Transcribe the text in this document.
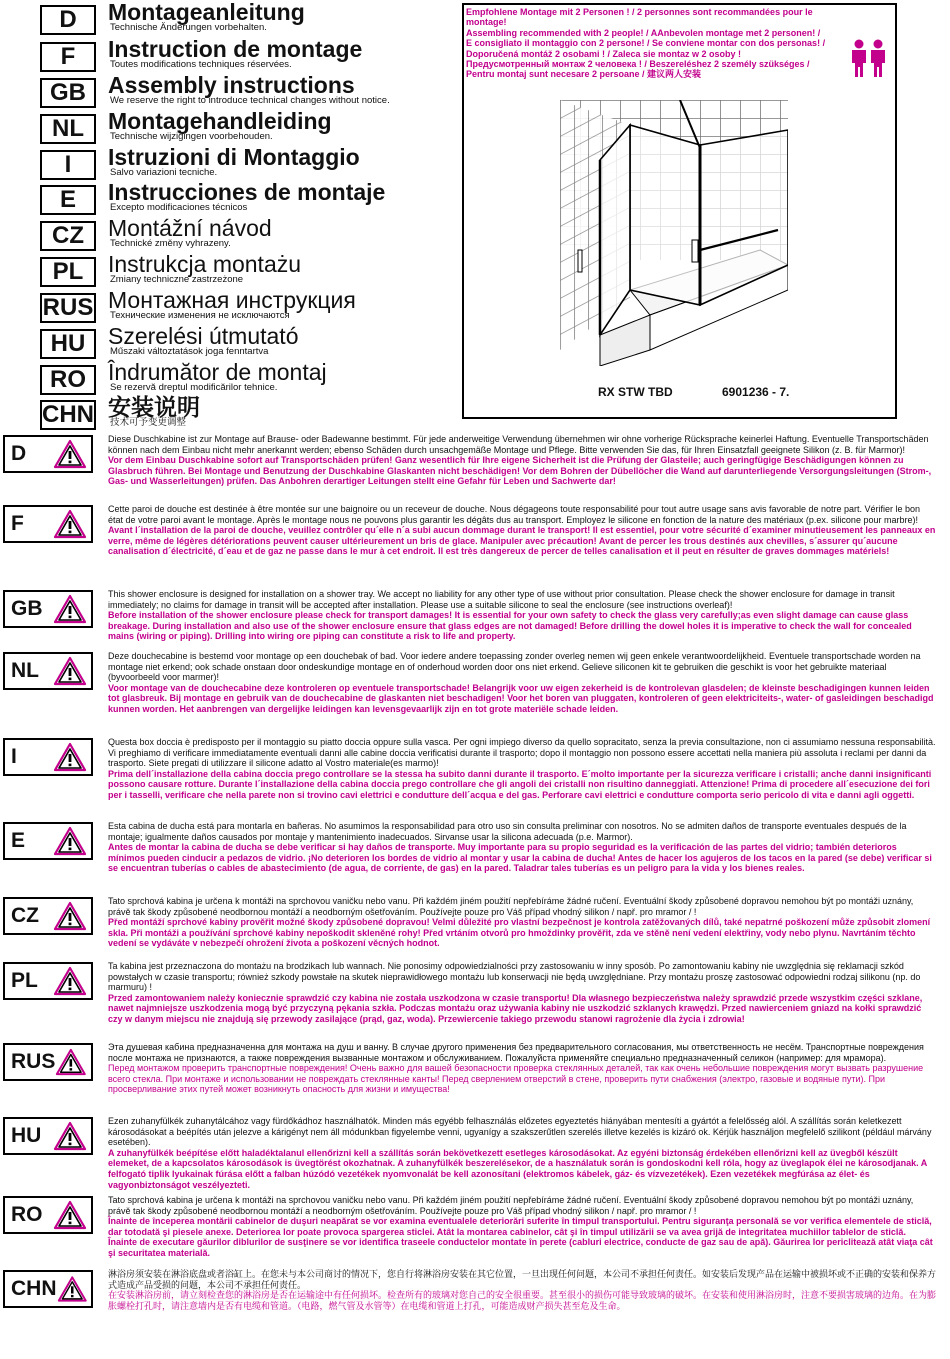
D	Montageanleitung
Technische Änderungen vorbehalten.
F	Instruction de montage
Toutes modifications techniques réservées.
GB Assembly instructions
We reserve the right to introduce technical changes without notice.
NL	Montagehandleiding
Technische wijzigingen voorbehouden.
I	Istruzioni di Montaggio
Salvo variazioni tecniche.
E	Instrucciones de montaje
Excepto modificaciones técnicos
CZ	Montážní návod
Technické změny vyhrazeny.
PL	Instrukcja montażu
Zmiany techniczne zastrzeżone
RUS Монтажная инструкция
Технические изменения не исключаются
HU Szerelési útmutató
Műszaki változtatások joga fenntartva
RO Îndrumător de montaj
Se rezervă dreptul modificărilor tehnice.
CHN 安装说明
技术可予变更调整

Empfohlene Montage mit 2 Personen ! / 2 personnes sont recommandées pour le montage!

Assembling recommended with 2 people! / AAnbevolen montage met 2 personen! /

E consigliato il montaggio con 2 persone! / Se conviene montar con dos personas! /

Doporučená montáž 2 osobami ! / Zaleca sie montaz w 2 osoby !

Предусмотренный монтаж 2 человека ! / Beszereléshez 2 személy szükséges /

Pentru montaj sunt necesare 2 persoane / 建议两人安装

RX STW TBD	6901236 - 7.
D

Diese Duschkabine ist zur Montage auf Brause- oder Badewanne bestimmt. Für jede anderweitige Verwendung übernehmen wir ohne vorherige Rücksprache keinerlei Haftung. Eventuelle Transportschäden können nach dem Einbau nicht mehr anerkannt werden; ebenso Schäden durch unsachgemäße Montage und Pflege. Bitte verwenden Sie das, für Ihren Einsatzfall geeignete Silikon (z. B. für Marmor)!

Vor dem Einbau Duschkabine sofort auf Transportschäden prüfen! Ganz wesentlich für Ihre eigene Sicherheit ist die Prüfung der Glasteile; auch geringfügige Beschädigungen können zu Glasbruch führen. Bei Montage und Benutzung der Duschkabine Glaskanten nicht beschädigen! Vor dem Bohren der Dübellöcher die Wand auf darunterliegende Versorgungsleitungen (Strom-, Gas- und Wasserleitungen) prüfen. Das Anbohren derartiger Leitungen stellt eine Gefahr für Leben und Sachwerte dar!

F

Cette paroi de douche est destinée à être montée sur une baignoire ou un receveur de douche. Nous dégageons toute responsabilité pour tout autre usage sans avis favorable de notre part. Vérifier le bon état de votre paroi avant le montage. Après le montage nous ne pouvons plus garantir les dégâts dus au transport. Employez le silicone en fonction de la nature des matériaux (p.ex. silicone pour marbre)!

Avant l´installation de la paroi de douche, veuillez contrôler qu´elle n´a subi aucun dommage durant le transport! Il est essentiel, pour votre sécurité d´examiner minutieusement les panneaux en verre, même de légères détériorations peuvent causer ultérieurement un bris de glace. Manipuler avec précaution! Avant de percer les trous destinés aux chevilles, s´assurer qu´aucune canalisation d´électricité, d´eau et de gaz ne passe dans le mur à cet endroit. Il est très dangereux de percer de telles canalisation et il peut en résulter de graves dommages matériels!

GB

This shower enclosure is designed for installation on a shower tray. We accept no liability for any other type of use without prior consultation. Please check the shower enclosure for damage in transit immediately; no claims for damage in transit will be accepted after installation. Please use a suitable silicone to seal the enclosure (see instructions overleaf)!

Before installation of the shower enclosure please check for transport damages! It is essential for your own safety to check the glass very carefully;as even slight damage can cause glass breakage. During installation and also use of the shower enclosure ensure that glass edges are not damaged! Before drilling the dowel holes it is imperative to check the wall for concealed mains (wiring or piping). Drilling into wiring ore piping can constitute a risk to life and property.

NL

Deze douchecabine is bestemd voor montage op een douchebak of bad. Voor iedere andere toepassing zonder overleg nemen wij geen enkele verantwoordelijkheid. Eventuele transportschade worden na montage niet erkend; ook schade onstaan door ondeskundige montage en of onderhoud worden door ons niet erkend. Gelieve siliconen kit te gebruiken die geschikt is voor het gebruikte materiaal (byvoorbeeld voor marmer)!

Voor montage van de douchecabine deze kontroleren op eventuele transportschade! Belangrijk voor uw eigen zekerheid is de kontrolevan glasdelen; de kleinste beschadigingen kunnen leiden tot glasbreuk. Bij montage en gebruik van de douchecabine de glaskanten niet beschadigen! Voor het boren van pluggaten, kontroleren of geen elektriciteits-, water- of gasleidingen beschadigd kunnen worden. Het aanbrengen van dergelijke leidingen kan levensgevaarlijk zijn en tot grote materiële schade leiden.

I

Questa box doccia è predisposto per il montaggio su piatto doccia oppure sulla vasca. Per ogni impiego diverso da quello sopracitato, senza la previa consultazione, non ci assumiamo nessuna responsabilità. Vi preghiamo di verificare immediatamente eventuali danni alle cabine doccia verificatisi durante il trasporto; dopo il montaggio non possono essere accettati nella maniera più assoluta i reclami per danni da trasporto. Siete pregati di utilizzare il silicone adatto al Vostro materiale(es marmo)!

Prima dell´installazione della cabina doccia prego controllare se la stessa ha subito danni durante il trasporto. E´molto importante per la sicurezza verificare i cristalli; anche danni insignificanti possono causare rotture. Durante l´installazione della cabina doccia prego controllare che gli angoli dei cristalli non risultino danneggiati. Attenzione! Prima di procedere all´esecuzione dei fori per i tasselli, verificare che nella parete non si trovino cavi elettrici e condutture dell´acqua e del gas. Perforare cavi elettrici e condutture comporta serio pericolo di vita e danni agli oggetti.

E

Esta cabina de ducha está para montarla en bañeras. No asumimos la responsabilidad para otro uso sin consulta preliminar con nosotros. No se admiten daños de transporte eventuales después de la montaje; igualmente daños causados por montaje y mantenimiento inadecuados. Sirvanse usar la silicona adecuada (p.e. Marmor).

Antes de montar la cabina de ducha se debe verificar si hay daños de transporte. Muy importante para su propio seguridad es la verificación de las partes del vidrio; también deterioros mínimos pueden cinducir a pedazos de vidrio. ¡No deterioren los bordes de vidrio al montar y usar la cabina de ducha! Antes de hacer los agujeros de los tacos en la pared (se debe) verificar si se encuentran tuberías o cables de abastecimiento (de agua, de corriente, de gas) en la pared. Taladrar tales tuberías es un peligro para la vida y los bienes reales.

CZ

Tato sprchová kabina je určena k montáži na sprchovou vaničku nebo vanu. Při každém jiném použití nepřebíráme žádné ručení. Eventuální škody způsobené dopravou nemohou být po montáži uznány, právě tak škody způsobené neodbornou montáží a neodborným ošetřováním. Používejte pouze pro Váš případ vhodný silikon / např. pro mramor / !

Před montáží sprchové kabiny prověřit možné škody způsobené dopravou! Velmi důležité pro vlastní bezpečnost je kontrola zatěžovaných dílů, také nepatrné poškození může způsobit zlomení skla. Při montáži a používání sprchové kabiny nepoškodit skleněné rohy! Před vrtáním otvorů pro hmoždinky prověřit, zda ve stěně není vedení elektřiny, vody nebo plynu. Navrtáním těchto vedení se vydáváte v nebezpečí ohrožení života a poškození věcných hodnot.

PL

Ta kabina jest przeznaczona do montażu na brodzikach lub wannach. Nie ponosimy odpowiedzialności przy zastosowaniu w inny sposób. Po zamontowaniu kabiny nie uwzględnia się reklamacji szkód powstałych w czasie transportu; również szkody powstałe na skutek nieprawidłowego montażu lub konserwacji nie będą uwzględniane. Przy montażu proszę zastosować odpowiedni rodzaj silikonu (np. do marmuru) !

Przed zamontowaniem należy koniecznie sprawdzić czy kabina nie została uszkodzona w czasie transportu! Dla własnego bezpieczeństwa należy sprawdzić przede wszystkim części szklane, nawet najmniejsze uszkodzenia mogą być przyczyną pękania szkła. Podczas montażu oraz używania kabiny nie uszkodzić szklanych krawędzi. Przed nawierceniem gniazd na kołki sprawdzić czy w danym miejscu nie znajdują się przewody zasilające (prąd, gaz, woda). Przewiercenie takiego przewodu stanowi ragrożenie dla życia i zdrowia!

RUS

Эта душевая кабина предназначенна для монтажа на душ и ванну. В случае другого применения без предварительного согласования, мы ответственность не несём. Транспортные повреждения после монтажа не признаются, а также повреждения вызванные монтажом и обслуживанием. Пожалуйста применяйте специально предназначенный селикон (например: для мрамора).

Перед монтажом проверить транспортные повреждения! Очень важно для вашей безопасности проверка стеклянных деталей, так как очень небольшие повреждения могут вызвать разрушение всего стекла. При монтаже и использовании не повреждать стеклянные канты! Перед сверлением отверстий в стене, проверить пути снабжения (электро, газовые и водяные пути). При просверливание этих путей может возникнуть опасность для жизни и имущества!

HU

Ezen zuhanyfülkék zuhanytálcához vagy fürdőkádhoz használhatók. Minden más egyébb felhasználás előzetes egyeztetés hiányában mentesíti a gyártót a felelősség alól. A szállítás során keletkezett károsodásokat a beépítés után jelezve a kárigényt nem áll módunkban figyelembe venni, ugyanígy a szakszerűtlen szerelés illetve kezelés is kizáró ok. Kérjük használjon megfelelő szilikont (például márvány esetében).

A zuhanyfülkék beépítése előtt haladéktalanul ellenőrizni kell a szállítás során bekövetkezett esetleges károsodásokat. Az egyéni biztonság érdekében ellenőrizni kell az üvegből készült elemeket, de a kapcsolatos károsodások is üvegtörést okozhatnak. A zuhanyfülkék beszerelésekor, de a használatuk során is gondoskodni kell róla, hogy az üveglapok élei ne károsodjanak. A felfogató tiplik lyukainak fúrása előtt a falban húzódó vezetékek nyomvonalát be kell azonosítani (elektromos kábelek, gáz- és vízvezetékek). Ezen vezetékek megfúrása az élet- és vagyonbiztonságot veszélyezteti.

RO

Tato sprchová kabina je určena k montáži na sprchovou vaničku nebo vanu. Při každém jiném použití nepřebíráme žádné ručení. Eventuální škody způsobené dopravou nemohou být po montáži uznány, právě tak škody způsobené neodbornou montáží a neodborným ošetřováním. Používejte pouze pro Váš případ vhodný silikon / např. pro mramor / !

Înainte de începerea montării cabinelor de duşuri neapărat se vor examina eventualele deteriorări suferite în timpul transportului. Pentru siguranţa personală se vor verifica elementele de sticlă, dar totodată şi piesele anexe. Deteriorea lor poate provoca spargerea sticlei. Atât la montarea cabinelor, cât şi în timpul utilizării se va avea grijă de integritatea muchiilor tablelor de sticlă. Înainte de executare găurilor diblurilor de susţinere se vor identifica traseele conductelor montate în perete (cabluri electrice, conducte de gaz sau de apă). Găurirea lor periclitează atât viaţa cât şi securitatea materială.

CHN

淋浴房须安装在淋浴底盘或者浴缸上。在您未与本公司商讨的情况下，您自行将淋浴房安装在其它位置，一旦出现任何问题，本公司不承担任何责任。如安装后发现产品在运输中被损坏或不正确的安装和保养方式造成产品受损的问题，本公司不承担任何责任。

在安装淋浴房前，请立刻检查您的淋浴房是否在运输途中有任何损坏。检查所有的玻璃对您自己的安全很重要。甚至很小的损伤可能导致玻璃的破坏。在安装和使用淋浴房时，注意不要损害玻璃的边角。在为膨胀螺栓打孔时，请注意墙内是否有电缆和管道。（电路，燃气管及水管等）在电缆和管道上打孔，可能造成财产损失甚至危及生命。
